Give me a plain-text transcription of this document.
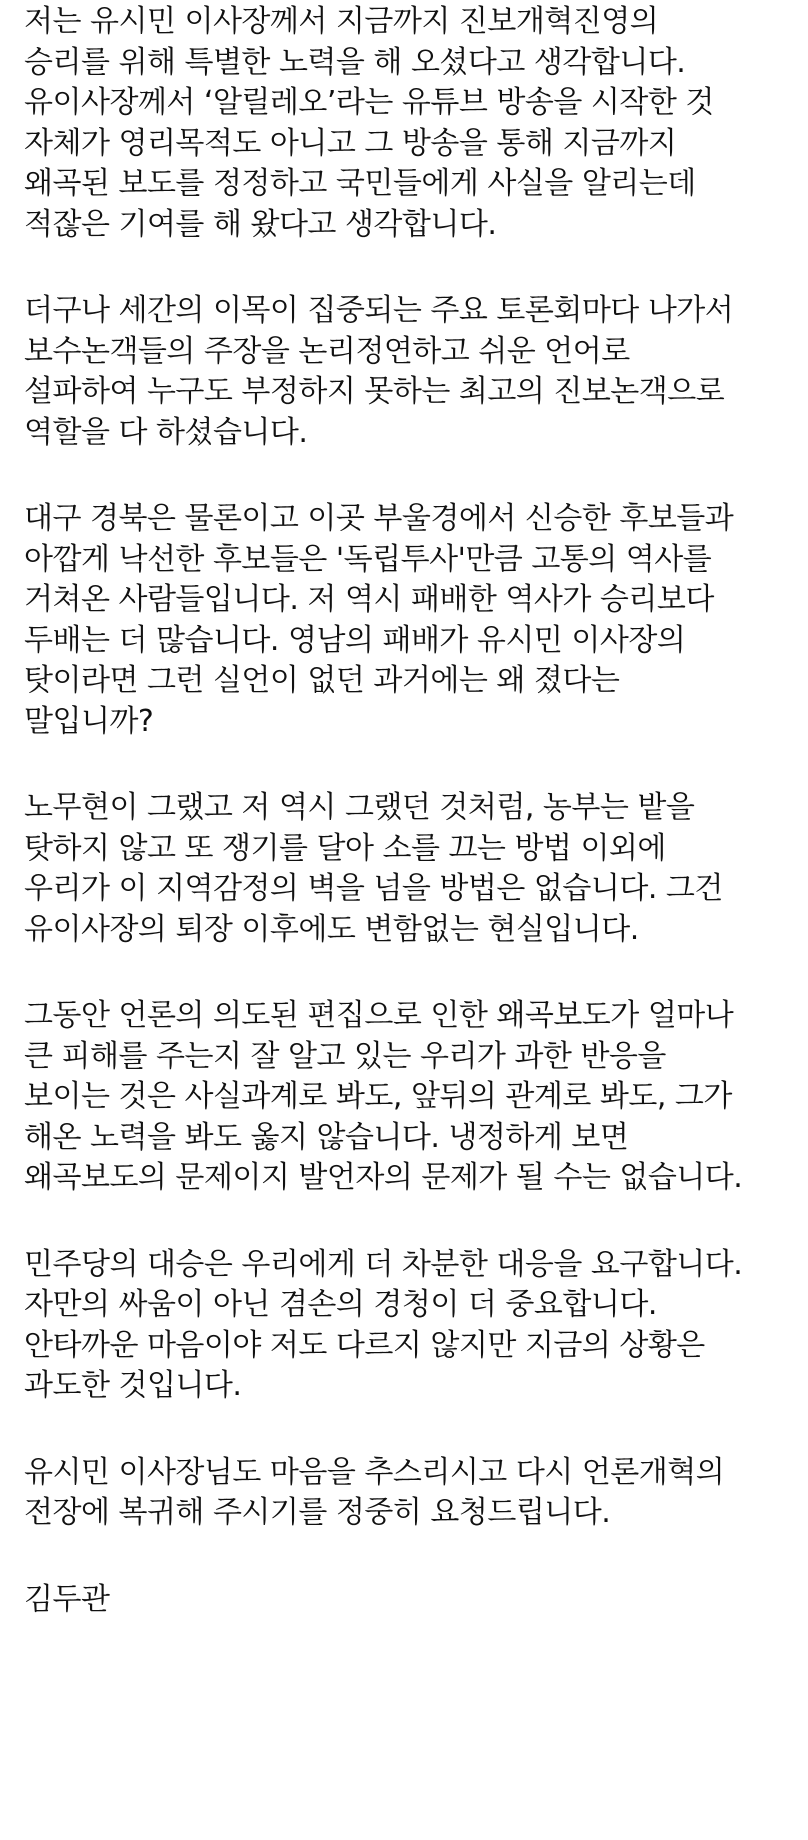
저는 유시민 이사장께서 지금까지 진보개혁진영의
승리를 위해 특별한 노력을 해 오셨다고 생각합니다.
유이사장께서 ‘알릴레오’라는 유튜브 방송을 시작한 것
자체가 영리목적도 아니고 그 방송을 통해 지금까지
왜곡된 보도를 정정하고 국민들에게 사실을 알리는데
적잖은 기여를 해 왔다고 생각합니다.
더구나 세간의 이목이 집중되는 주요 토론회마다 나가서
보수논객들의 주장을 논리정연하고 쉬운 언어로
설파하여 누구도 부정하지 못하는 최고의 진보논객으로
역할을 다 하셨습니다.
대구 경북은 물론이고 이곳 부울경에서 신승한 후보들과
아깝게 낙선한 후보들은 '독립투사'만큼 고통의 역사를
거쳐온 사람들입니다. 저 역시 패배한 역사가 승리보다
두배는 더 많습니다. 영남의 패배가 유시민 이사장의
탓이라면 그런 실언이 없던 과거에는 왜 졌다는
말입니까?
노무현이 그랬고 저 역시 그랬던 것처럼, 농부는 밭을
탓하지 않고 또 쟁기를 달아 소를 끄는 방법 이외에
우리가 이 지역감정의 벽을 넘을 방법은 없습니다. 그건
유이사장의 퇴장 이후에도 변함없는 현실입니다.
그동안 언론의 의도된 편집으로 인한 왜곡보도가 얼마나
큰 피해를 주는지 잘 알고 있는 우리가 과한 반응을
보이는 것은 사실과계로 봐도, 앞뒤의 관계로 봐도, 그가
해온 노력을 봐도 옳지 않습니다. 냉정하게 보면
왜곡보도의 문제이지 발언자의 문제가 될 수는 없습니다.
민주당의 대승은 우리에게 더 차분한 대응을 요구합니다.
자만의 싸움이 아닌 겸손의 경청이 더 중요합니다.
안타까운 마음이야 저도 다르지 않지만 지금의 상황은
과도한 것입니다.
유시민 이사장님도 마음을 추스리시고 다시 언론개혁의
전장에 복귀해 주시기를 정중히 요청드립니다.
김두관
